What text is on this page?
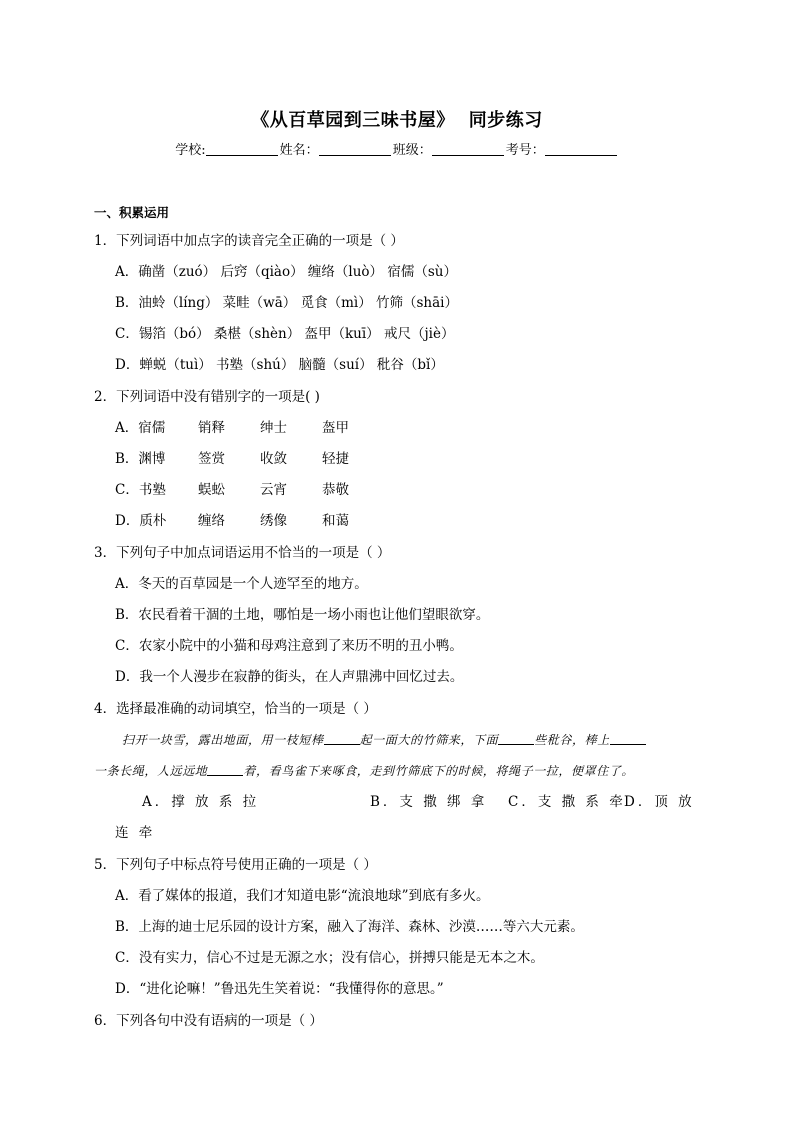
《从百草园到三味书屋》 同步练习
学校:	姓名：	班级：	考号：
一、积累运用
1．下列词语中加点字的读音完全正确的一项是（ ）
A．确凿（zuó） 后窍（qiào） 缠络（luò） 宿儒（sù）
B．油蛉（líng） 菜畦（wā） 觅食（mì） 竹筛（shāi）
C．锡箔（bó） 桑椹（shèn） 盔甲（kuī） 戒尺（jiè）
D．蝉蜕（tuì） 书塾（shú） 脑髓（suí） 秕谷（bǐ）
2．下列词语中没有错别字的一项是( )
A．宿儒 销释	绅士	盔甲
B．渊博 签赏	收敛	轻捷
C．书塾 蜈蚣	云宵	恭敬
D．质朴 缠络	绣像	和蔼
3．下列句子中加点词语运用不恰当的一项是（ ）
A．冬天的百草园是一个人迹罕至的地方。
B．农民看着干涸的土地，哪怕是一场小雨也让他们望眼欲穿。
C．农家小院中的小猫和母鸡注意到了来历不明的丑小鸭。
D．我一个人漫步在寂静的街头，在人声鼎沸中回忆过去。
4．选择最准确的动词填空，恰当的一项是（ ）
扫开一块雪，露出地面，用一枝短棒	起一面大的竹筛来，下面	些秕谷，棒上
一条长绳，人远远地	着，看鸟雀下来啄食，走到竹筛底下的时候，将绳子一拉，便罩住了。
A．撑 放 系 拉	B．支 撒 绑 拿 C．支 撒 系 牵D．顶 放
连 牵
5．下列句子中标点符号使用正确的一项是（ ）
A．看了媒体的报道，我们才知道电影“流浪地球”到底有多火。
B．上海的迪士尼乐园的设计方案，融入了海洋、森林、沙漠……等六大元素。
C．没有实力，信心不过是无源之水；没有信心，拼搏只能是无本之木。
D．“进化论嘛！”鲁迅先生笑着说：“我懂得你的意思。”
6．下列各句中没有语病的一项是（ ）
